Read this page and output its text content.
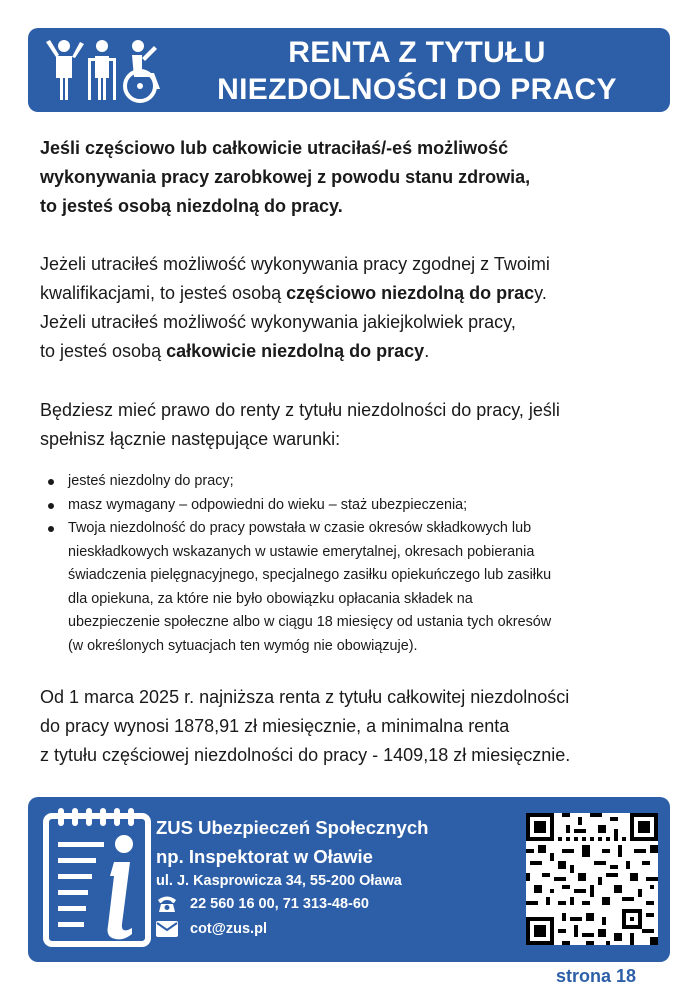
RENTA Z TYTUŁU
NIEZDOLNOŚCI DO PRACY
Jeśli częściowo lub całkowicie utraciłaś/-eś możliwość
wykonywania pracy zarobkowej z powodu stanu zdrowia,
to jesteś osobą niezdolną do pracy.
Jeżeli utraciłeś możliwość wykonywania pracy zgodnej z Twoimi
kwalifikacjami, to jesteś osobą częściowo niezdolną do pracy.
Jeżeli utraciłeś możliwość wykonywania jakiejkolwiek pracy,
to jesteś osobą całkowicie niezdolną do pracy.
Będziesz mieć prawo do renty z tytułu niezdolności do pracy, jeśli
spełnisz łącznie następujące warunki:
jesteś niezdolny do pracy;
masz wymagany – odpowiedni do wieku – staż ubezpieczenia;
Twoja niezdolność do pracy powstała w czasie okresów składkowych lub
nieskładkowych wskazanych w ustawie emerytalnej, okresach pobierania
świadczenia pielęgnacyjnego, specjalnego zasiłku opiekuńczego lub zasiłku
dla opiekuna, za które nie było obowiązku opłacania składek na
ubezpieczenie społeczne albo w ciągu 18 miesięcy od ustania tych okresów
(w określonych sytuacjach ten wymóg nie obowiązuje).
Od 1 marca 2025 r. najniższa renta z tytułu całkowitej niezdolności
do pracy wynosi 1878,91 zł miesięcznie, a minimalna renta
z tytułu częściowej niezdolności do pracy - 1409,18 zł miesięcznie.
ZUS Ubezpieczeń Społecznych
np. Inspektorat w Oławie
ul. J. Kasprowicza 34, 55-200 Oława
22 560 16 00, 71 313-48-60
cot@zus.pl
strona 18
